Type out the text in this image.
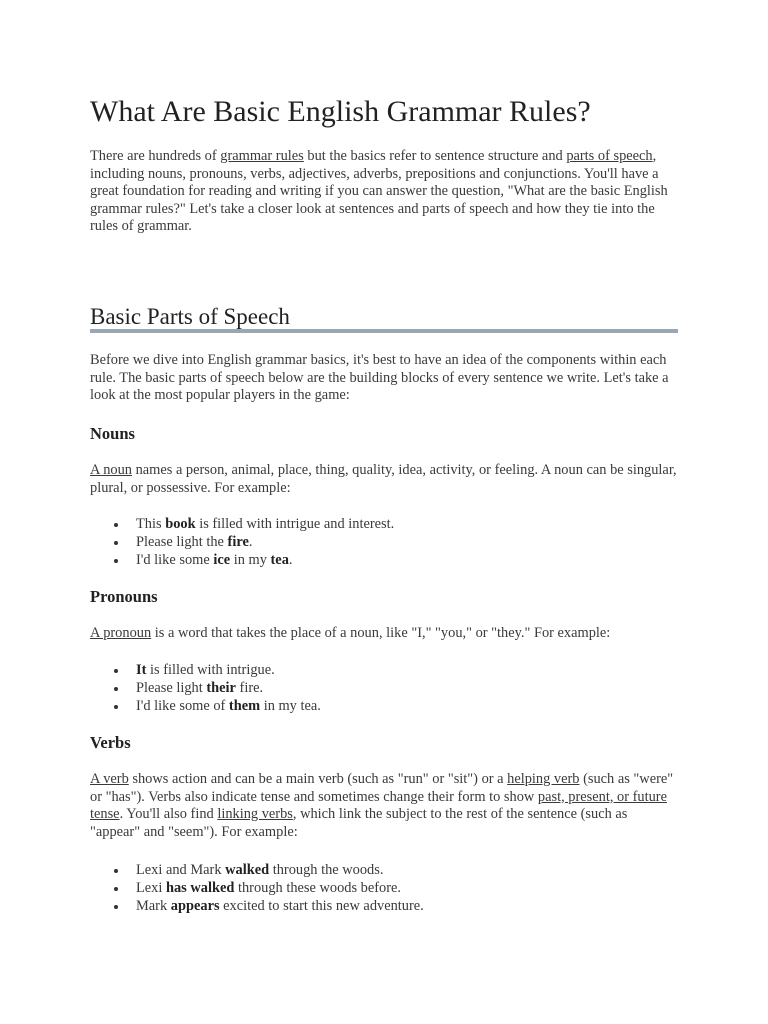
What Are Basic English Grammar Rules?

There are hundreds of grammar rules but the basics refer to sentence structure and parts of speech, including nouns, pronouns, verbs, adjectives, adverbs, prepositions and conjunctions. You'll have a great foundation for reading and writing if you can answer the question, "What are the basic English grammar rules?" Let's take a closer look at sentences and parts of speech and how they tie into the rules of grammar.

Basic Parts of Speech

Before we dive into English grammar basics, it's best to have an idea of the components within each rule. The basic parts of speech below are the building blocks of every sentence we write. Let's take a look at the most popular players in the game:

Nouns

A noun names a person, animal, place, thing, quality, idea, activity, or feeling. A noun can be singular, plural, or possessive. For example:

This book is filled with intrigue and interest.
Please light the fire.
I'd like some ice in my tea.
Pronouns

A pronoun is a word that takes the place of a noun, like "I," "you," or "they." For example:

It is filled with intrigue.
Please light their fire.
I'd like some of them in my tea.
Verbs

A verb shows action and can be a main verb (such as "run" or "sit") or a helping verb (such as "were" or "has"). Verbs also indicate tense and sometimes change their form to show past, present, or future tense. You'll also find linking verbs, which link the subject to the rest of the sentence (such as "appear" and "seem"). For example:

Lexi and Mark walked through the woods.
Lexi has walked through these woods before.
Mark appears excited to start this new adventure.
